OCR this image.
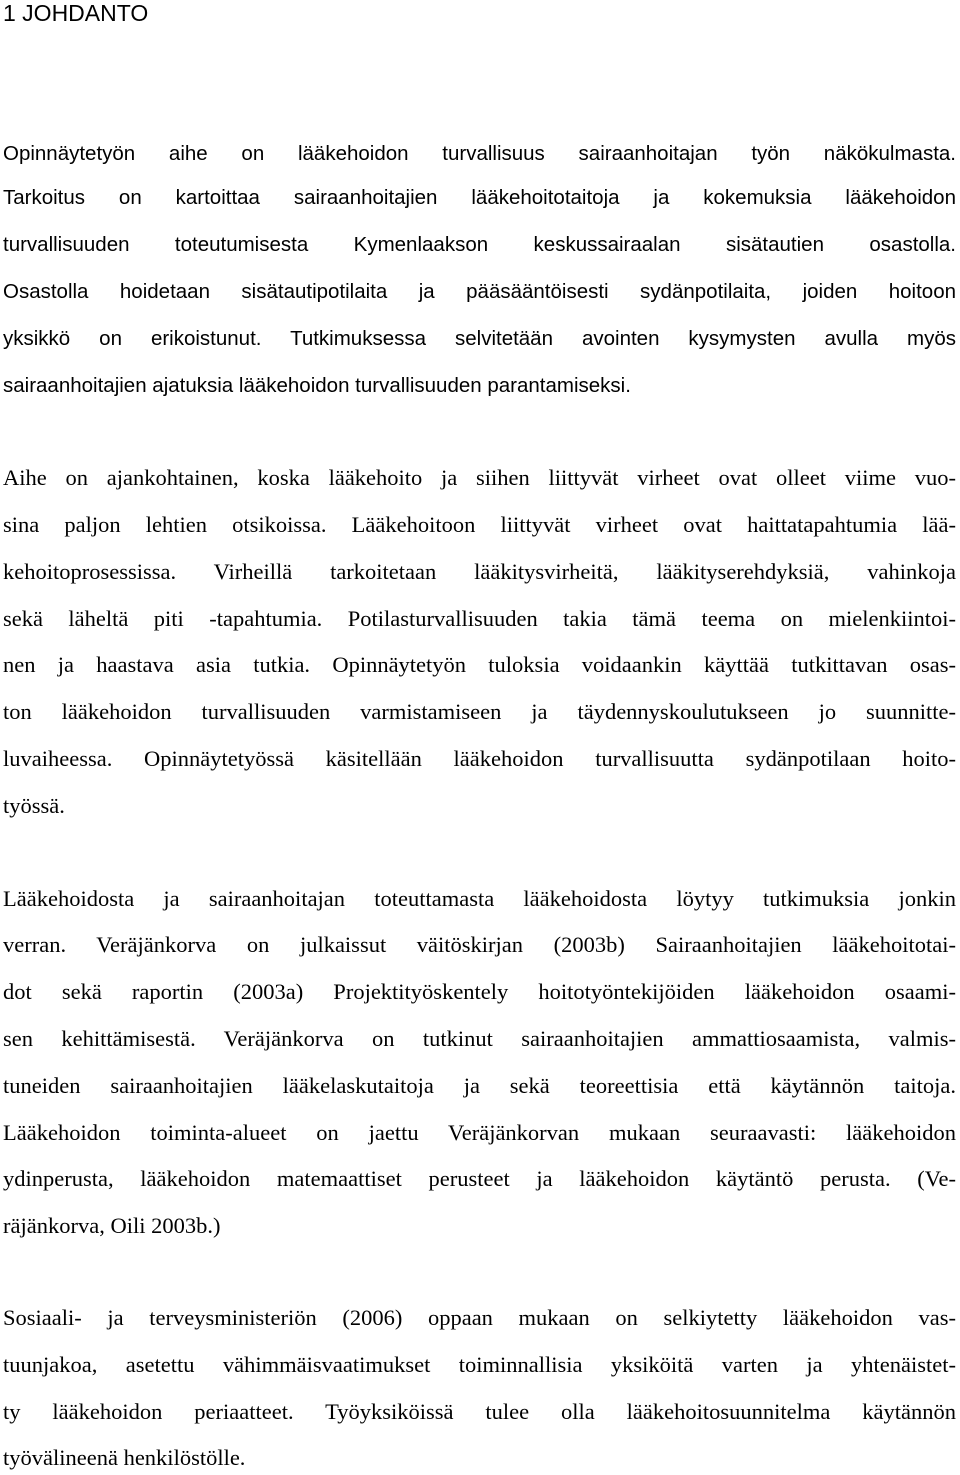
1 JOHDANTO
Opinnäytetyön aihe on lääkehoidon turvallisuus sairaanhoitajan työn näkökulmasta.
Tarkoitus on kartoittaa sairaanhoitajien lääkehoitotaitoja ja kokemuksia lääkehoidon
turvallisuuden toteutumisesta Kymenlaakson keskussairaalan sisätautien osastolla.
Osastolla hoidetaan sisätautipotilaita ja pääsääntöisesti sydänpotilaita, joiden hoitoon
yksikkö on erikoistunut. Tutkimuksessa selvitetään avointen kysymysten avulla myös
sairaanhoitajien ajatuksia lääkehoidon turvallisuuden parantamiseksi.
Aihe on ajankohtainen, koska lääkehoito ja siihen liittyvät virheet ovat olleet viime vuo-
sina paljon lehtien otsikoissa. Lääkehoitoon liittyvät virheet ovat haittatapahtumia lää-
kehoitoprosessissa. Virheillä tarkoitetaan lääkitysvirheitä, lääkityserehdyksiä, vahinkoja
sekä läheltä piti -tapahtumia. Potilasturvallisuuden takia tämä teema on mielenkiintoi-
nen ja haastava asia tutkia. Opinnäytetyön tuloksia voidaankin käyttää tutkittavan osas-
ton lääkehoidon turvallisuuden varmistamiseen ja täydennyskoulutukseen jo suunnitte-
luvaiheessa. Opinnäytetyössä käsitellään lääkehoidon turvallisuutta sydänpotilaan hoito-
työssä.
Lääkehoidosta ja sairaanhoitajan toteuttamasta lääkehoidosta löytyy tutkimuksia jonkin
verran. Veräjänkorva on julkaissut väitöskirjan (2003b) Sairaanhoitajien lääkehoitotai-
dot sekä raportin (2003a) Projektityöskentely hoitotyöntekijöiden lääkehoidon osaami-
sen kehittämisestä. Veräjänkorva on tutkinut sairaanhoitajien ammattiosaamista, valmis-
tuneiden sairaanhoitajien lääkelaskutaitoja ja sekä teoreettisia että käytännön taitoja.
Lääkehoidon toiminta-alueet on jaettu Veräjänkorvan mukaan seuraavasti: lääkehoidon
ydinperusta, lääkehoidon matemaattiset perusteet ja lääkehoidon käytäntö perusta. (Ve-
räjänkorva, Oili 2003b.)
Sosiaali- ja terveysministeriön (2006) oppaan mukaan on selkiytetty lääkehoidon vas-
tuunjakoa, asetettu vähimmäisvaatimukset toiminnallisia yksiköitä varten ja yhtenäistet-
ty lääkehoidon periaatteet. Työyksiköissä tulee olla lääkehoitosuunnitelma käytännön
työvälineenä henkilöstölle.
